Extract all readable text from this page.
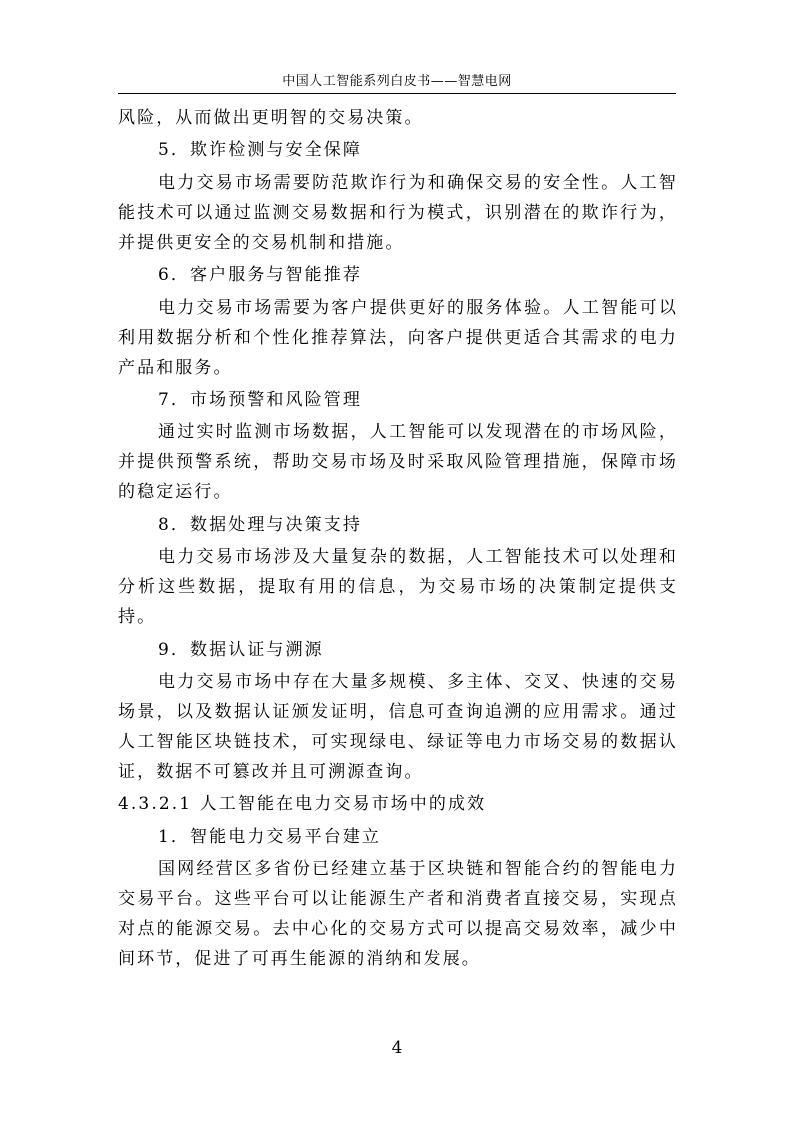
中国人工智能系列白皮书——智慧电网

风险，从而做出更明智的交易决策。

5．欺诈检测与安全保障

电力交易市场需要防范欺诈行为和确保交易的安全性。人工智能技术可以通过监测交易数据和行为模式，识别潜在的欺诈行为，并提供更安全的交易机制和措施。

6．客户服务与智能推荐

电力交易市场需要为客户提供更好的服务体验。人工智能可以利用数据分析和个性化推荐算法，向客户提供更适合其需求的电力产品和服务。

7．市场预警和风险管理

通过实时监测市场数据，人工智能可以发现潜在的市场风险，并提供预警系统，帮助交易市场及时采取风险管理措施，保障市场的稳定运行。

8．数据处理与决策支持

电力交易市场涉及大量复杂的数据，人工智能技术可以处理和分析这些数据，提取有用的信息，为交易市场的决策制定提供支持。

9．数据认证与溯源

电力交易市场中存在大量多规模、多主体、交叉、快速的交易场景，以及数据认证颁发证明，信息可查询追溯的应用需求。通过人工智能区块链技术，可实现绿电、绿证等电力市场交易的数据认证，数据不可篡改并且可溯源查询。

4.3.2.1 人工智能在电力交易市场中的成效

1．智能电力交易平台建立

国网经营区多省份已经建立基于区块链和智能合约的智能电力交易平台。这些平台可以让能源生产者和消费者直接交易，实现点对点的能源交易。去中心化的交易方式可以提高交易效率，减少中间环节，促进了可再生能源的消纳和发展。

4
